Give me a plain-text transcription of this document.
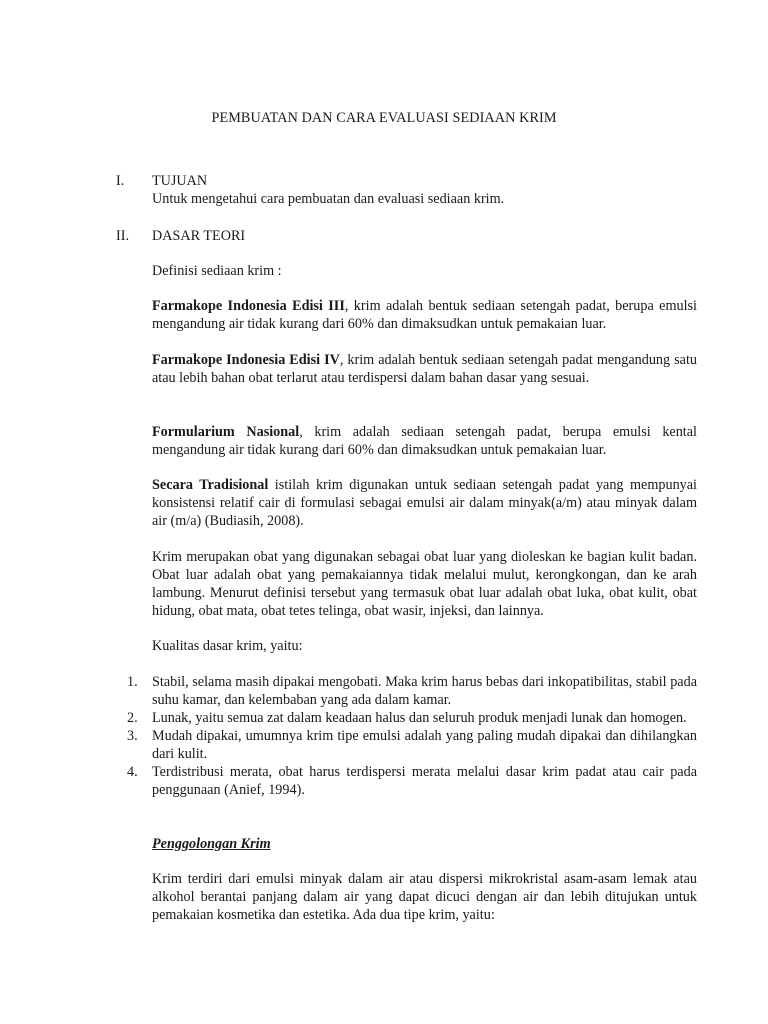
PEMBUATAN DAN CARA EVALUASI SEDIAAN KRIM
I. TUJUAN
Untuk mengetahui cara pembuatan dan evaluasi sediaan krim.
II. DASAR TEORI
Definisi sediaan krim :
Farmakope Indonesia Edisi III, krim adalah bentuk sediaan setengah padat, berupa emulsi mengandung air tidak kurang dari 60% dan dimaksudkan untuk pemakaian luar.
Farmakope Indonesia Edisi IV, krim adalah bentuk sediaan setengah padat mengandung satu atau lebih bahan obat terlarut atau terdispersi dalam bahan dasar yang sesuai.
Formularium Nasional, krim adalah sediaan setengah padat, berupa emulsi kental mengandung air tidak kurang dari 60% dan dimaksudkan untuk pemakaian luar.
Secara Tradisional istilah krim digunakan untuk sediaan setengah padat yang mempunyai konsistensi relatif cair di formulasi sebagai emulsi air dalam minyak(a/m) atau minyak dalam air (m/a) (Budiasih, 2008).
Krim merupakan obat yang digunakan sebagai obat luar yang dioleskan ke bagian kulit badan. Obat luar adalah obat yang pemakaiannya tidak melalui mulut, kerongkongan, dan ke arah lambung. Menurut definisi tersebut yang termasuk obat luar adalah obat luka, obat kulit, obat hidung, obat mata, obat tetes telinga, obat wasir, injeksi, dan lainnya.
Kualitas dasar krim, yaitu:
1. Stabil, selama masih dipakai mengobati. Maka krim harus bebas dari inkopatibilitas, stabil pada suhu kamar, dan kelembaban yang ada dalam kamar.
2. Lunak, yaitu semua zat dalam keadaan halus dan seluruh produk menjadi lunak dan homogen.
3. Mudah dipakai, umumnya krim tipe emulsi adalah yang paling mudah dipakai dan dihilangkan dari kulit.
4. Terdistribusi merata, obat harus terdispersi merata melalui dasar krim padat atau cair pada penggunaan (Anief, 1994).
Penggolongan Krim
Krim terdiri dari emulsi minyak dalam air atau dispersi mikrokristal asam-asam lemak atau alkohol berantai panjang dalam air yang dapat dicuci dengan air dan lebih ditujukan untuk pemakaian kosmetika dan estetika. Ada dua tipe krim, yaitu:
